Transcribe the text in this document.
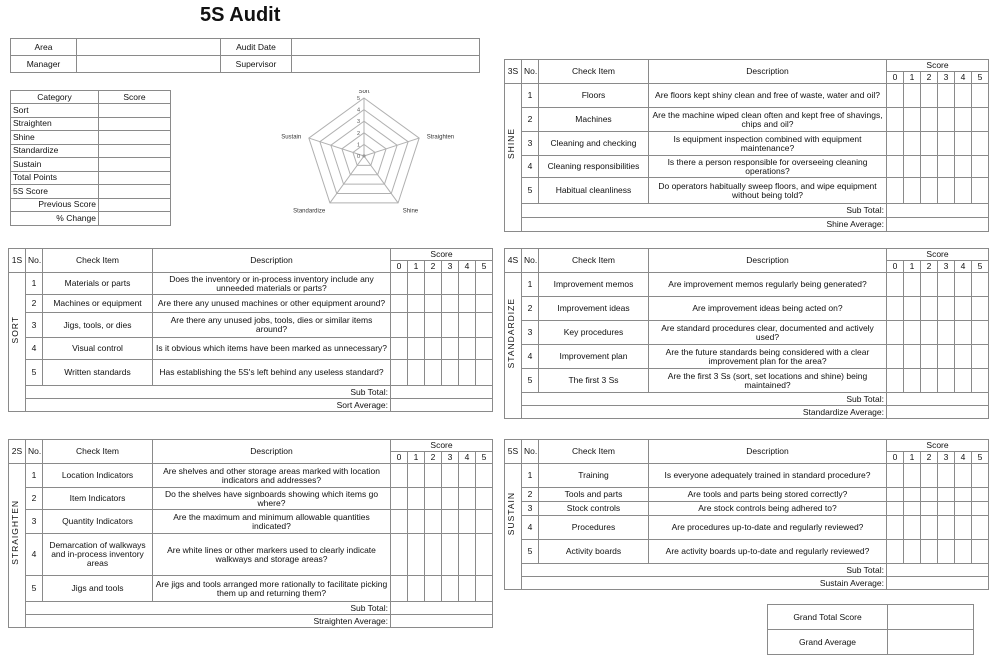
5S Audit
Area		Audit Date	
Manager		Supervisor	
Category	Score
Sort	
Straighten	
Shine	
Standardize	
Sustain	
Total Points	
5S Score	
Previous Score	
% Change	
Sort
Straighten
Shine
Standardize
Sustain
0
1
2
3
4
5
3S	No.	Check Item	Description	Score					
				0	1	2	3	4	5

SHINE	1	Floors	Are floors kept shiny clean and free of waste, water and oil?						
	2	Machines	Are the machine wiped clean often and kept free of shavings, chips and oil?						
	3	Cleaning and checking	Is equipment inspection combined with equipment maintenance?						
	4	Cleaning responsibilities	Is there a person responsible for overseeing cleaning operations?						
	5	Habitual cleanliness	Do operators habitually sweep floors, and wipe equipment without being told?						
	Sub Total:								
	Shine Average:								
1S	No.	Check Item	Description	Score					
				0	1	2	3	4	5

SORT	1	Materials or parts	Does the inventory or in-process inventory include any unneeded materials or parts?						
	2	Machines or equipment	Are there any unused machines or other equipment around?						
	3	Jigs, tools, or dies	Are there any unused jobs, tools, dies or similar items around?						
	4	Visual control	Is it obvious which items have been marked as unnecessary?						
	5	Written standards	Has establishing the 5S's left behind any useless standard?						
	Sub Total:								
	Sort Average:								
4S	No.	Check Item	Description	Score					
				0	1	2	3	4	5

STANDARDIZE	1	Improvement memos	Are improvement memos regularly being generated?						
	2	Improvement ideas	Are improvement ideas being acted on?						
	3	Key procedures	Are standard procedures clear, documented and actively used?						
	4	Improvement plan	Are the future standards being considered with a clear improvement plan for the area?						
	5	The first 3 Ss	Are the first 3 Ss (sort, set locations and shine) being maintained?						
	Sub Total:								
	Standardize Average:								
2S	No.	Check Item	Description	Score					
				0	1	2	3	4	5

STRAIGHTEN	1	Location Indicators	Are shelves and other storage areas marked with location indicators and addresses?						
	2	Item Indicators	Do the shelves have signboards showing which items go where?						
	3	Quantity Indicators	Are the maximum and minimum allowable quantities indicated?						
	4	Demarcation of walkways and in-process inventory areas	Are white lines or other markers used to clearly indicate walkways and storage areas?						
	5	Jigs and tools	Are jigs and tools arranged more rationally to facilitate picking them up and returning them?						
	Sub Total:								
	Straighten Average:								
5S	No.	Check Item	Description	Score					
				0	1	2	3	4	5

SUSTAIN	1	Training	Is everyone adequately trained in standard procedure?						
	2	Tools and parts	Are tools and parts being stored correctly?						
	3	Stock controls	Are stock controls being adhered to?						
	4	Procedures	Are procedures up-to-date and regularly reviewed?						
	5	Activity boards	Are activity boards up-to-date and regularly reviewed?						
	Sub Total:								
	Sustain Average:								
Grand Total Score	
Grand Average	
